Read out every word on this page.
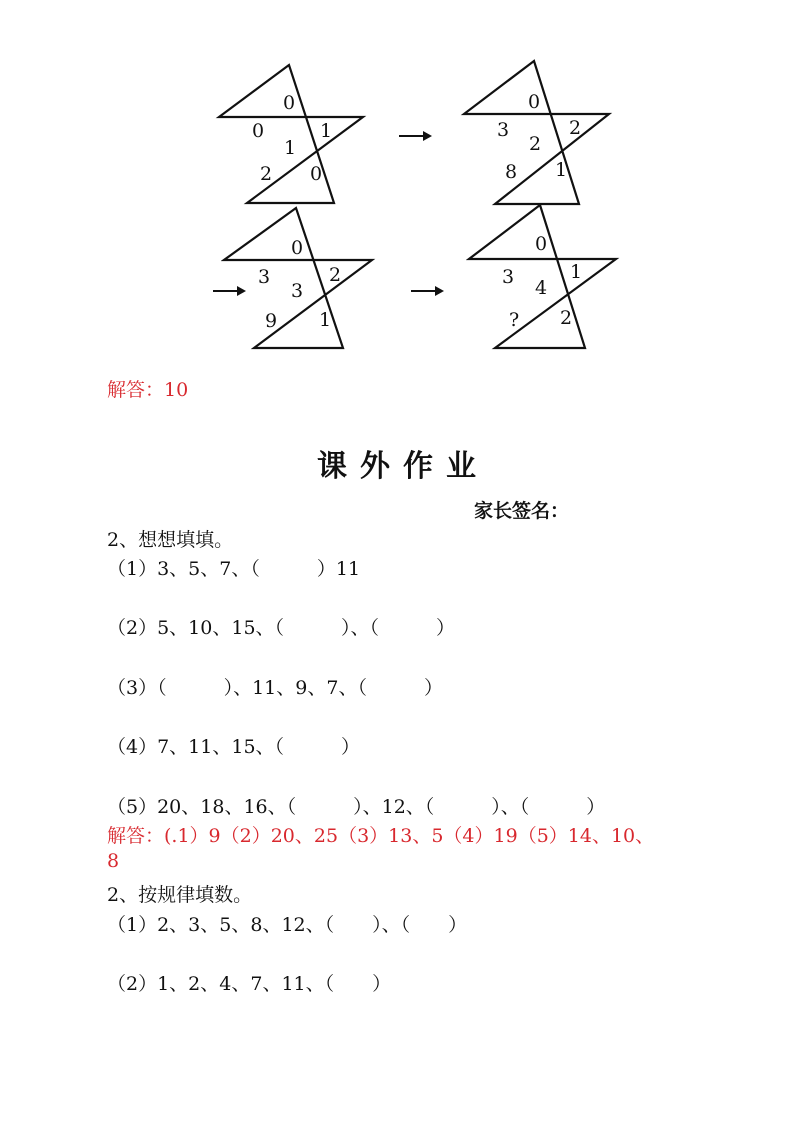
0
0
1
1
2 0
0
3
2
2
8 1
0
3
3
2
9 1
0
3 4
1
? 2
解答：10
课外作业
家长签名：
2、想想填填。
（1）3、5、7、（　　　）11
（2）5、10、15、（　　　）、（　　　）
（3）（　　　）、11、9、7、（　　　）
（4）7、11、15、（　　　）
（5）20、18、16、（　　　）、12、（　　　）、（　　　）
解答：(.1）9（2）20、25（3）13、5（4）19（5）14、10、
8
2、按规律填数。
（1）2、3、5、8、12、（　　）、（　　）
（2）1、2、4、7、11、（　　）
